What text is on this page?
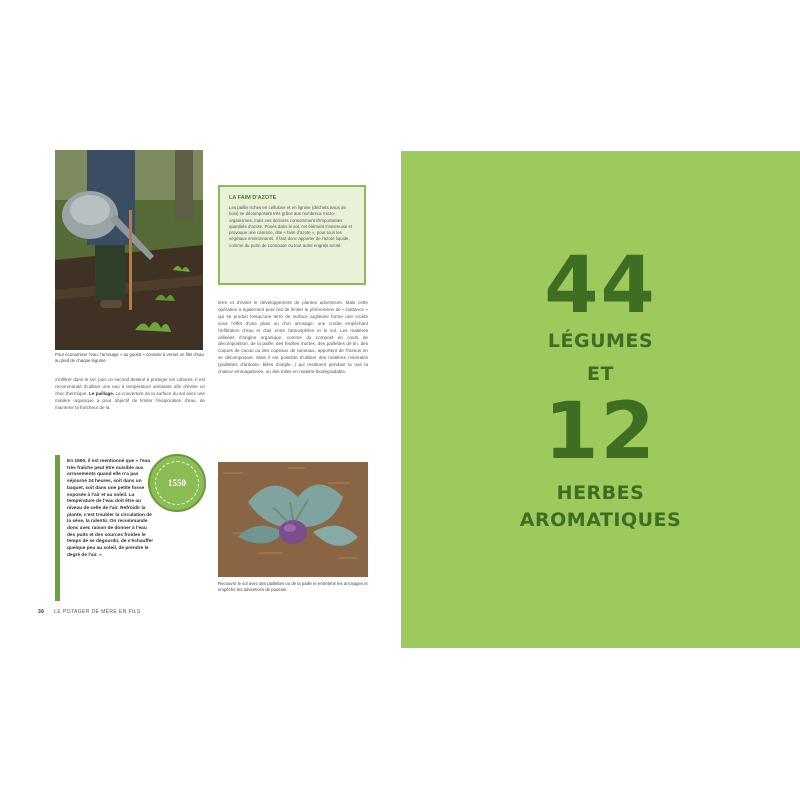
Pour économiser l'eau, l'arrosage « au goulot » consiste à verser un filet d'eau au pied de chaque légume.
LA FAIM D'AZOTE
Les paillis riches en cellulose et en lignine (déchets issus de bois) se décomposent très grâce aux nombreux micro-organismes, mais ces derniers consomment d'importantes quantités d'azote. Posés dans le sol, cet élément s'amenuise et provoque une carence, dite « faim d'azote », pour tous les végétaux environnants. Il faut donc apporter de l'azote liquide, comme du purin de consoude ou tout autre engrais azoté.
s'infiltrer dans le sol, puis un second destiné à protéger les cultures. Il est recommandé d'utiliser une eau à température ambiante afin d'éviter un choc thermique. Le paillage. La couverture de la surface du sol avec une matière organique a pour objectif de limiter l'évaporation d'eau, de maintenir la fraîcheur de la
terre et d'éviter le développement de plantes adventices. Mais cette opération a également pour but de limiter le phénomène de « battance » qui se produit lorsqu'une terre de surface argileuse forme une croûte sous l'effet d'une pluie ou d'un arrosage, une croûte empêchant l'infiltration d'eau et d'air entre l'atmosphère et le sol. Les matières utilisées d'origine organique, comme du compost en cours de décomposition, de la paille, des feuilles mortes, des paillettes de lin, des coques de cacao ou des copeaux de rameaux, apportent de l'humus en se décomposant. Mais il est possible d'utiliser des matières minérales (paillettes d'ardoise, billes d'argile...) qui restituent pendant la nuit la chaleur emmagasinée, ou des toiles en matière biodégradable.
En 1550, il est mentionné que « l'eau très fraîche peut être nuisible aux arrosements quand elle n'a pas séjourné 24 heures, soit dans un baquet, soit dans une petite fosse exposée à l'air et au soleil. La température de l'eau doit être au niveau de celle de l'air. Refroidir la plante, c'est troubler la circulation de la sève, la ralentir. On recommande donc avec raison de donner à l'eau des puits et des sources froides le temps de se dégourdir, de s'échauffer quelque peu au soleil, de prendre le degré de l'air. »
1550
Recouvrir le sol avec des paillettes ou de la paille et entretenir les arrosages et empêche les adventices de pousser.
36 LE POTAGER DE MÈRE EN FILS
44
LÉGUMES
ET
12
HERBES
AROMATIQUES
